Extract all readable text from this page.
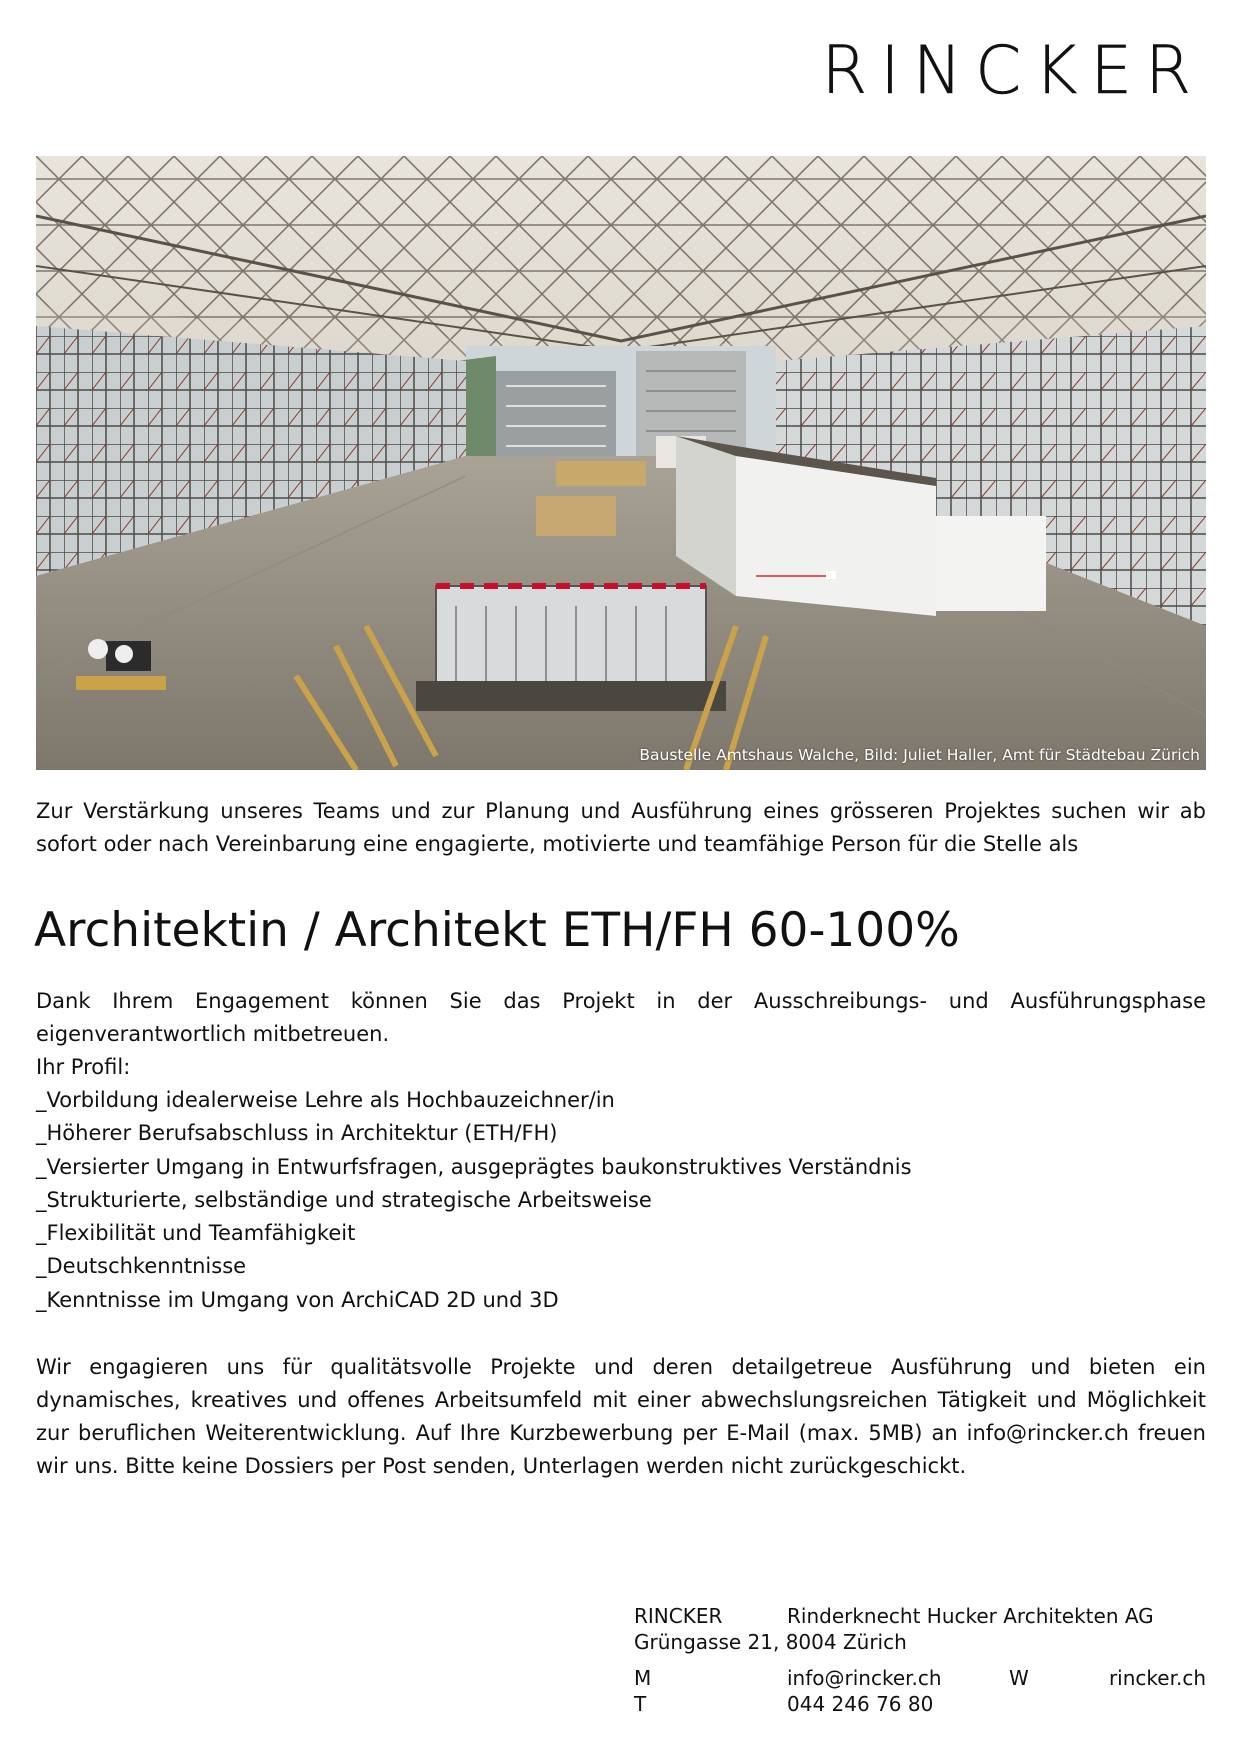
RINCKER
Baustelle Amtshaus Walche, Bild: Juliet Haller, Amt für Städtebau Zürich

Zur Verstärkung unseres Teams und zur Planung und Ausführung eines grösseren Projektes suchen wir ab sofort oder nach Vereinbarung eine engagierte, motivierte und teamfähige Person für die Stelle als

Architektin / Architekt ETH/FH 60-100%

Dank Ihrem Engagement können Sie das Projekt in der Ausschreibungs- und Ausführungsphase eigenverantwortlich mitbetreuen.

Ihr Profil:

_Vorbildung idealerweise Lehre als Hochbauzeichner/in
_Höherer Berufsabschluss in Architektur (ETH/FH)
_Versierter Umgang in Entwurfsfragen, ausgeprägtes baukonstruktives Verständnis
_Strukturierte, selbständige und strategische Arbeitsweise
_Flexibilität und Teamfähigkeit
_Deutschkenntnisse
_Kenntnisse im Umgang von ArchiCAD 2D und 3D

Wir engagieren uns für qualitätsvolle Projekte und deren detailgetreue Ausführung und bieten ein dynamisches, kreatives und offenes Arbeitsumfeld mit einer abwechslungsreichen Tätigkeit und Möglichkeit zur beruflichen Weiterentwicklung. Auf Ihre Kurzbewerbung per E-Mail (max. 5MB) an info@rincker.ch freuen wir uns. Bitte keine Dossiers per Post senden, Unterlagen werden nicht zurückgeschickt.

RINCKER	Rinderknecht Hucker Architekten AG
Grüngasse 21, 8004 Zürich
M	info@rincker.ch	W	rincker.ch
T	044 246 76 80
